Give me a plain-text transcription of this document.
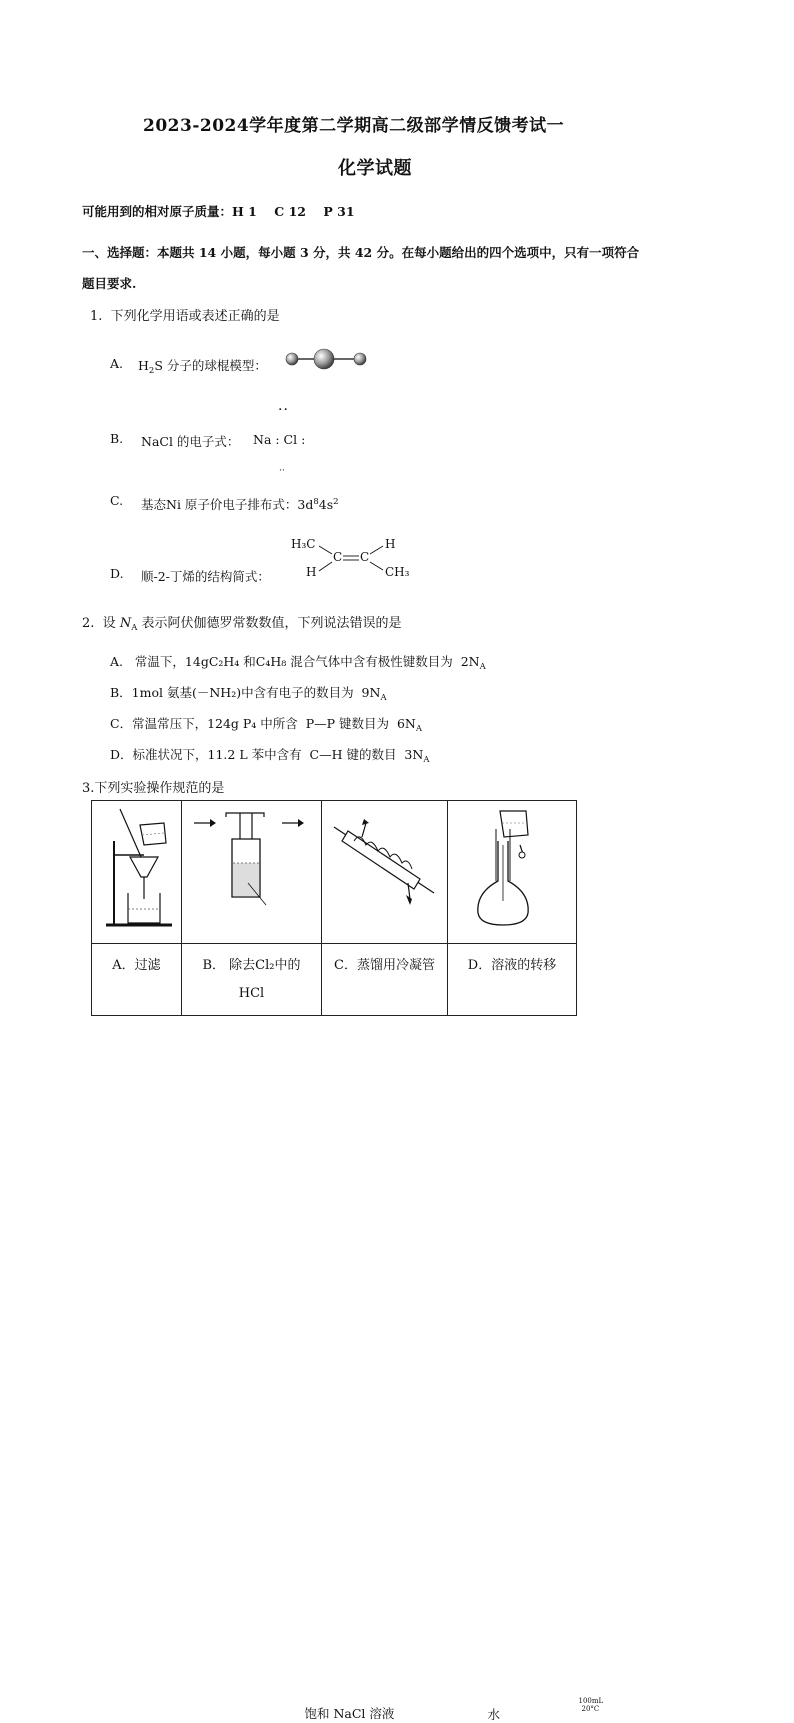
2023-2024学年度第二学期高二级部学情反馈考试一
化学试题
可能用到的相对原子质量：H 1    C 12    P 31
一、选择题：本题共 14 小题，每小题 3 分，共 42 分。在每小题给出的四个选项中，只有一项符合
题目要求.
1.  下列化学用语或表述正确的是
A. $H_2S$ 分子的球棍模型：
··
B. NaCl 的电子式： Na : Cl :
··
C. 基态Ni 原子价电子排布式：$3d^84s^2$
D. 顺-2-丁烯的结构简式：
H₃C	H
H	CH₃
C C
2.  设 $N_A$ 表示阿伏伽德罗常数数值，下列说法错误的是
A.   常温下，14gC₂H₄ 和C₄H₈ 混合气体中含有极性键数目为  $2N_A$
B．1mol 氨基(－NH₂)中含有电子的数目为  $9N_A$
C．常温常压下，124g P₄ 中所含  P—P 键数目为  $6N_A$
D．标准状况下，11.2 L 苯中含有  C—H 键的数目  $3N_A$
3.下列实验操作规范的是

饱和 NaCl 溶液	水	100mL
20°C

A．过滤	B． 除去Cl₂中的
HCl	C．蒸馏用冷凝管	D．溶液的转移
